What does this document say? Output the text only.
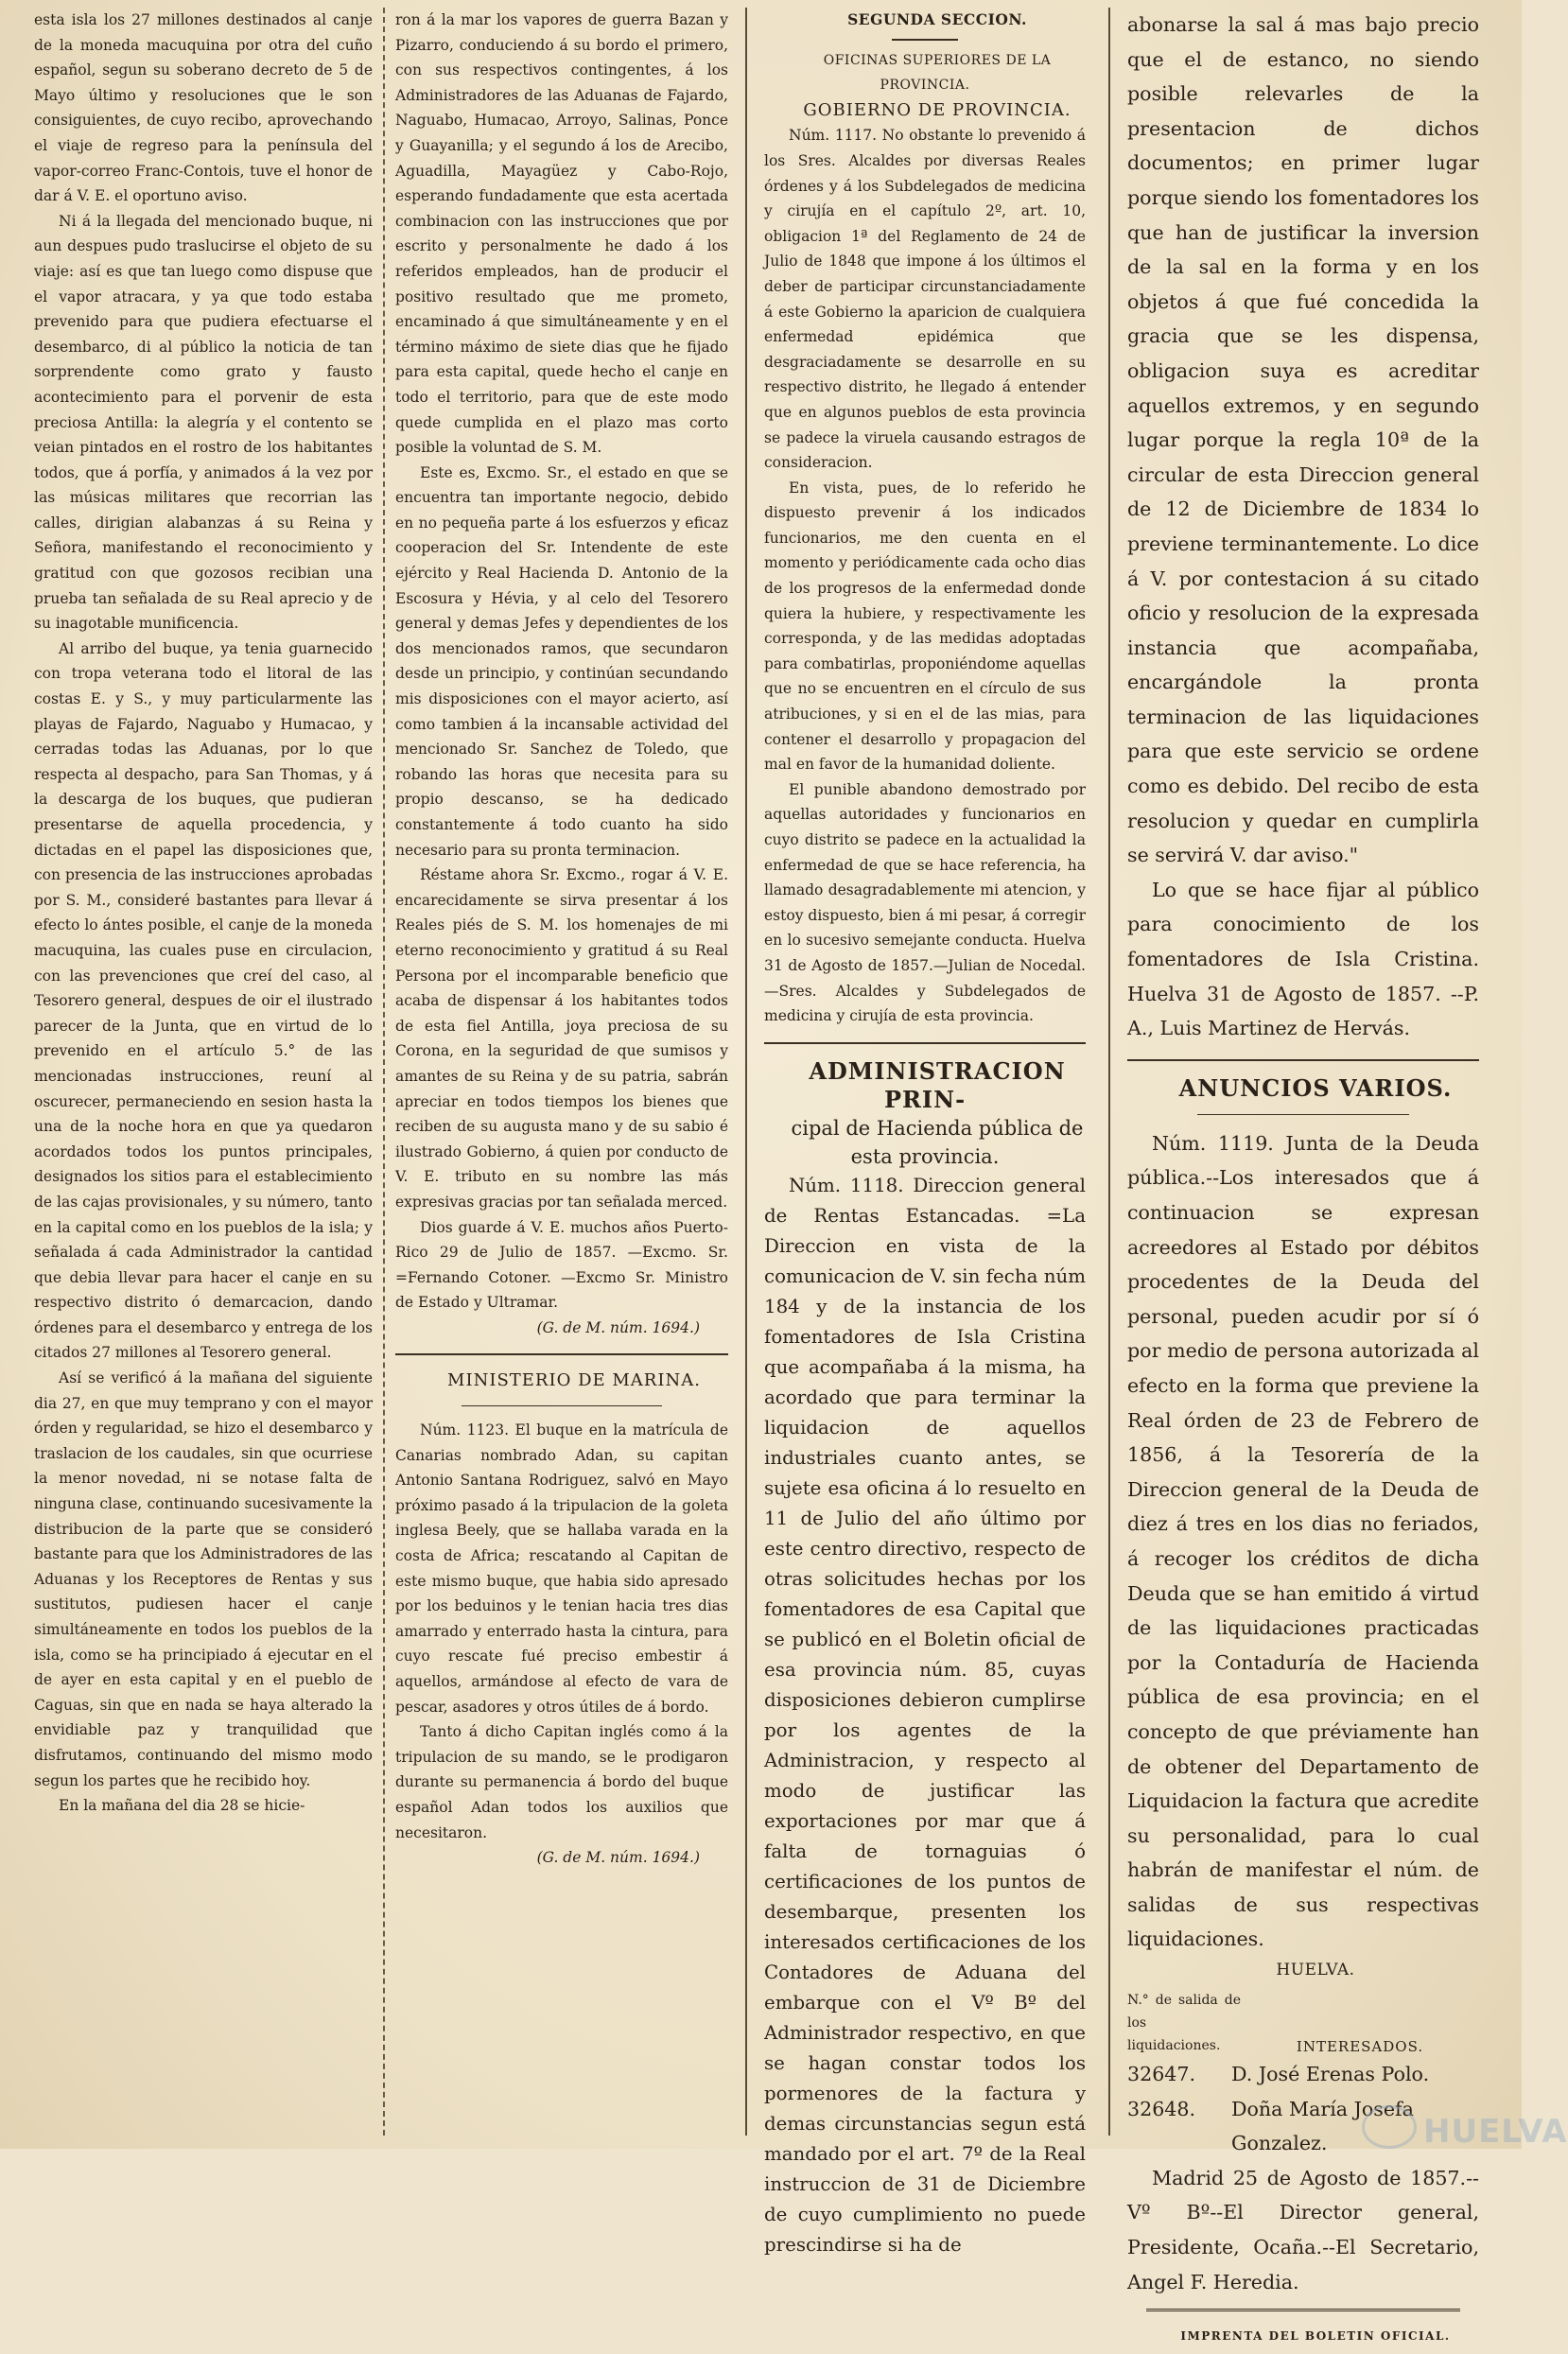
esta isla los 27 millones destinados al canje de la moneda macuquina por otra del cuño español, segun su soberano decreto de 5 de Mayo último y resoluciones que le son consiguientes, de cuyo recibo, aprovechando el viaje de regreso para la península del vapor-correo Franc-Contois, tuve el honor de dar á V. E. el oportuno aviso.

Ni á la llegada del mencionado buque, ni aun despues pudo traslucirse el objeto de su viaje: así es que tan luego como dispuse que el vapor atracara, y ya que todo estaba prevenido para que pudiera efectuarse el desembarco, di al público la noticia de tan sorprendente como grato y fausto acontecimiento para el porvenir de esta preciosa Antilla: la alegría y el contento se veian pintados en el rostro de los habitantes todos, que á porfía, y animados á la vez por las músicas militares que recorrian las calles, dirigian alabanzas á su Reina y Señora, manifestando el reconocimiento y gratitud con que gozosos recibian una prueba tan señalada de su Real aprecio y de su inagotable munificencia.

Al arribo del buque, ya tenia guarnecido con tropa veterana todo el litoral de las costas E. y S., y muy particularmente las playas de Fajardo, Naguabo y Humacao, y cerradas todas las Aduanas, por lo que respecta al despacho, para San Thomas, y á la descarga de los buques, que pudieran presentarse de aquella procedencia, y dictadas en el papel las disposiciones que, con presencia de las instrucciones aprobadas por S. M., consideré bastantes para llevar á efecto lo ántes posible, el canje de la moneda macuquina, las cuales puse en circulacion, con las prevenciones que creí del caso, al Tesorero general, despues de oir el ilustrado parecer de la Junta, que en virtud de lo prevenido en el artículo 5.° de las mencionadas instrucciones, reuní al oscurecer, permaneciendo en sesion hasta la una de la noche hora en que ya quedaron acordados todos los puntos principales, designados los sitios para el establecimiento de las cajas provisionales, y su número, tanto en la capital como en los pueblos de la isla; y señalada á cada Administrador la cantidad que debia llevar para hacer el canje en su respectivo distrito ó demarcacion, dando órdenes para el desembarco y entrega de los citados 27 millones al Tesorero general.

Así se verificó á la mañana del siguiente dia 27, en que muy temprano y con el mayor órden y regularidad, se hizo el desembarco y traslacion de los caudales, sin que ocurriese la menor novedad, ni se notase falta de ninguna clase, continuando sucesivamente la distribucion de la parte que se consideró bastante para que los Administradores de las Aduanas y los Receptores de Rentas y sus sustitutos, pudiesen hacer el canje simultáneamente en todos los pueblos de la isla, como se ha principiado á ejecutar en el de ayer en esta capital y en el pueblo de Caguas, sin que en nada se haya alterado la envidiable paz y tranquilidad que disfrutamos, continuando del mismo modo segun los partes que he recibido hoy.

En la mañana del dia 28 se hicie-

ron á la mar los vapores de guerra Bazan y Pizarro, conduciendo á su bordo el primero, con sus respectivos contingentes, á los Administradores de las Aduanas de Fajardo, Naguabo, Humacao, Arroyo, Salinas, Ponce y Guayanilla; y el segundo á los de Arecibo, Aguadilla, Mayagüez y Cabo-Rojo, esperando fundadamente que esta acertada combinacion con las instrucciones que por escrito y personalmente he dado á los referidos empleados, han de producir el positivo resultado que me prometo, encaminado á que simultáneamente y en el término máximo de siete dias que he fijado para esta capital, quede hecho el canje en todo el territorio, para que de este modo quede cumplida en el plazo mas corto posible la voluntad de S. M.

Este es, Excmo. Sr., el estado en que se encuentra tan importante negocio, debido en no pequeña parte á los esfuerzos y eficaz cooperacion del Sr. Intendente de este ejército y Real Hacienda D. Antonio de la Escosura y Hévia, y al celo del Tesorero general y demas Jefes y dependientes de los dos mencionados ramos, que secundaron desde un principio, y continúan secundando mis disposiciones con el mayor acierto, así como tambien á la incansable actividad del mencionado Sr. Sanchez de Toledo, que robando las horas que necesita para su propio descanso, se ha dedicado constantemente á todo cuanto ha sido necesario para su pronta terminacion.

Réstame ahora Sr. Excmo., rogar á V. E. encarecidamente se sirva presentar á los Reales piés de S. M. los homenajes de mi eterno reconocimiento y gratitud á su Real Persona por el incomparable beneficio que acaba de dispensar á los habitantes todos de esta fiel Antilla, joya preciosa de su Corona, en la seguridad de que sumisos y amantes de su Reina y de su patria, sabrán apreciar en todos tiempos los bienes que reciben de su augusta mano y de su sabio é ilustrado Gobierno, á quien por conducto de V. E. tributo en su nombre las más expresivas gracias por tan señalada merced.

Dios guarde á V. E. muchos años Puerto-Rico 29 de Julio de 1857. —Excmo. Sr. =Fernando Cotoner. —Excmo Sr. Ministro de Estado y Ultramar.

(G. de M. núm. 1694.)

MINISTERIO DE MARINA.

Núm. 1123. El buque en la matrícula de Canarias nombrado Adan, su capitan Antonio Santana Rodriguez, salvó en Mayo próximo pasado á la tripulacion de la goleta inglesa Beely, que se hallaba varada en la costa de Africa; rescatando al Capitan de este mismo buque, que habia sido apresado por los beduinos y le tenian hacia tres dias amarrado y enterrado hasta la cintura, para cuyo rescate fué preciso embestir á aquellos, armándose al efecto de vara de pescar, asadores y otros útiles de á bordo.

Tanto á dicho Capitan inglés como á la tripulacion de su mando, se le prodigaron durante su permanencia á bordo del buque español Adan todos los auxilios que necesitaron.

(G. de M. núm. 1694.)

SEGUNDA SECCION.

OFICINAS SUPERIORES DE LA PROVINCIA.

GOBIERNO DE PROVINCIA.

Núm. 1117. No obstante lo prevenido á los Sres. Alcaldes por diversas Reales órdenes y á los Subdelegados de medicina y cirujía en el capítulo 2º, art. 10, obligacion 1ª del Reglamento de 24 de Julio de 1848 que impone á los últimos el deber de participar circunstanciadamente á este Gobierno la aparicion de cualquiera enfermedad epidémica que desgraciadamente se desarrolle en su respectivo distrito, he llegado á entender que en algunos pueblos de esta provincia se padece la viruela causando estragos de consideracion.

En vista, pues, de lo referido he dispuesto prevenir á los indicados funcionarios, me den cuenta en el momento y periódicamente cada ocho dias de los progresos de la enfermedad donde quiera la hubiere, y respectivamente les corresponda, y de las medidas adoptadas para combatirlas, proponiéndome aquellas que no se encuentren en el círculo de sus atribuciones, y si en el de las mias, para contener el desarrollo y propagacion del mal en favor de la humanidad doliente.

El punible abandono demostrado por aquellas autoridades y funcionarios en cuyo distrito se padece en la actualidad la enfermedad de que se hace referencia, ha llamado desagradablemente mi atencion, y estoy dispuesto, bien á mi pesar, á corregir en lo sucesivo semejante conducta. Huelva 31 de Agosto de 1857.—Julian de Nocedal.—Sres. Alcaldes y Subdelegados de medicina y cirujía de esta provincia.

ADMINISTRACION PRIN-

cipal de Hacienda pública de esta provincia.

Núm. 1118. Direccion general de Rentas Estancadas. =La Direccion en vista de la comunicacion de V. sin fecha núm 184 y de la instancia de los fomentadores de Isla Cristina que acompañaba á la misma, ha acordado que para terminar la liquidacion de aquellos industriales cuanto antes, se sujete esa oficina á lo resuelto en 11 de Julio del año último por este centro directivo, respecto de otras solicitudes hechas por los fomentadores de esa Capital que se publicó en el Boletin oficial de esa provincia núm. 85, cuyas disposiciones debieron cumplirse por los agentes de la Administracion, y respecto al modo de justificar las exportaciones por mar que á falta de tornaguias ó certificaciones de los puntos de desembarque, presenten los interesados certificaciones de los Contadores de Aduana del embarque con el Vº Bº del Administrador respectivo, en que se hagan constar todos los pormenores de la factura y demas circunstancias segun está mandado por el art. 7º de la Real instruccion de 31 de Diciembre de cuyo cumplimiento no puede prescindirse si ha de

abonarse la sal á mas bajo precio que el de estanco, no siendo posible relevarles de la presentacion de dichos documentos; en primer lugar porque siendo los fomentadores los que han de justificar la inversion de la sal en la forma y en los objetos á que fué concedida la gracia que se les dispensa, obligacion suya es acreditar aquellos extremos, y en segundo lugar porque la regla 10ª de la circular de esta Direccion general de 12 de Diciembre de 1834 lo previene terminantemente. Lo dice á V. por contestacion á su citado oficio y resolucion de la expresada instancia que acompañaba, encargándole la pronta terminacion de las liquidaciones para que este servicio se ordene como es debido. Del recibo de esta resolucion y quedar en cumplirla se servirá V. dar aviso."

Lo que se hace fijar al público para conocimiento de los fomentadores de Isla Cristina. Huelva 31 de Agosto de 1857. --P. A., Luis Martinez de Hervás.

ANUNCIOS VARIOS.

Núm. 1119. Junta de la Deuda pública.--Los interesados que á continuacion se expresan acreedores al Estado por débitos procedentes de la Deuda del personal, pueden acudir por sí ó por medio de persona autorizada al efecto en la forma que previene la Real órden de 23 de Febrero de 1856, á la Tesorería de la Direccion general de la Deuda de diez á tres en los dias no feriados, á recoger los créditos de dicha Deuda que se han emitido á virtud de las liquidaciones practicadas por la Contaduría de Hacienda pública de esa provincia; en el concepto de que préviamente han de obtener del Departamento de Liquidacion la factura que acredite su personalidad, para lo cual habrán de manifestar el núm. de salidas de sus respectivas liquidaciones.

HUELVA.

N.° de salida de los liquidaciones.	INTERESADOS.
32647.	D. José Erenas Polo.
32648.	Doña María Josefa Gonzalez.

Madrid 25 de Agosto de 1857.--Vº Bº--El Director general, Presidente, Ocaña.--El Secretario, Angel F. Heredia.

IMPRENTA DEL BOLETIN OFICIAL.

HUELVA
